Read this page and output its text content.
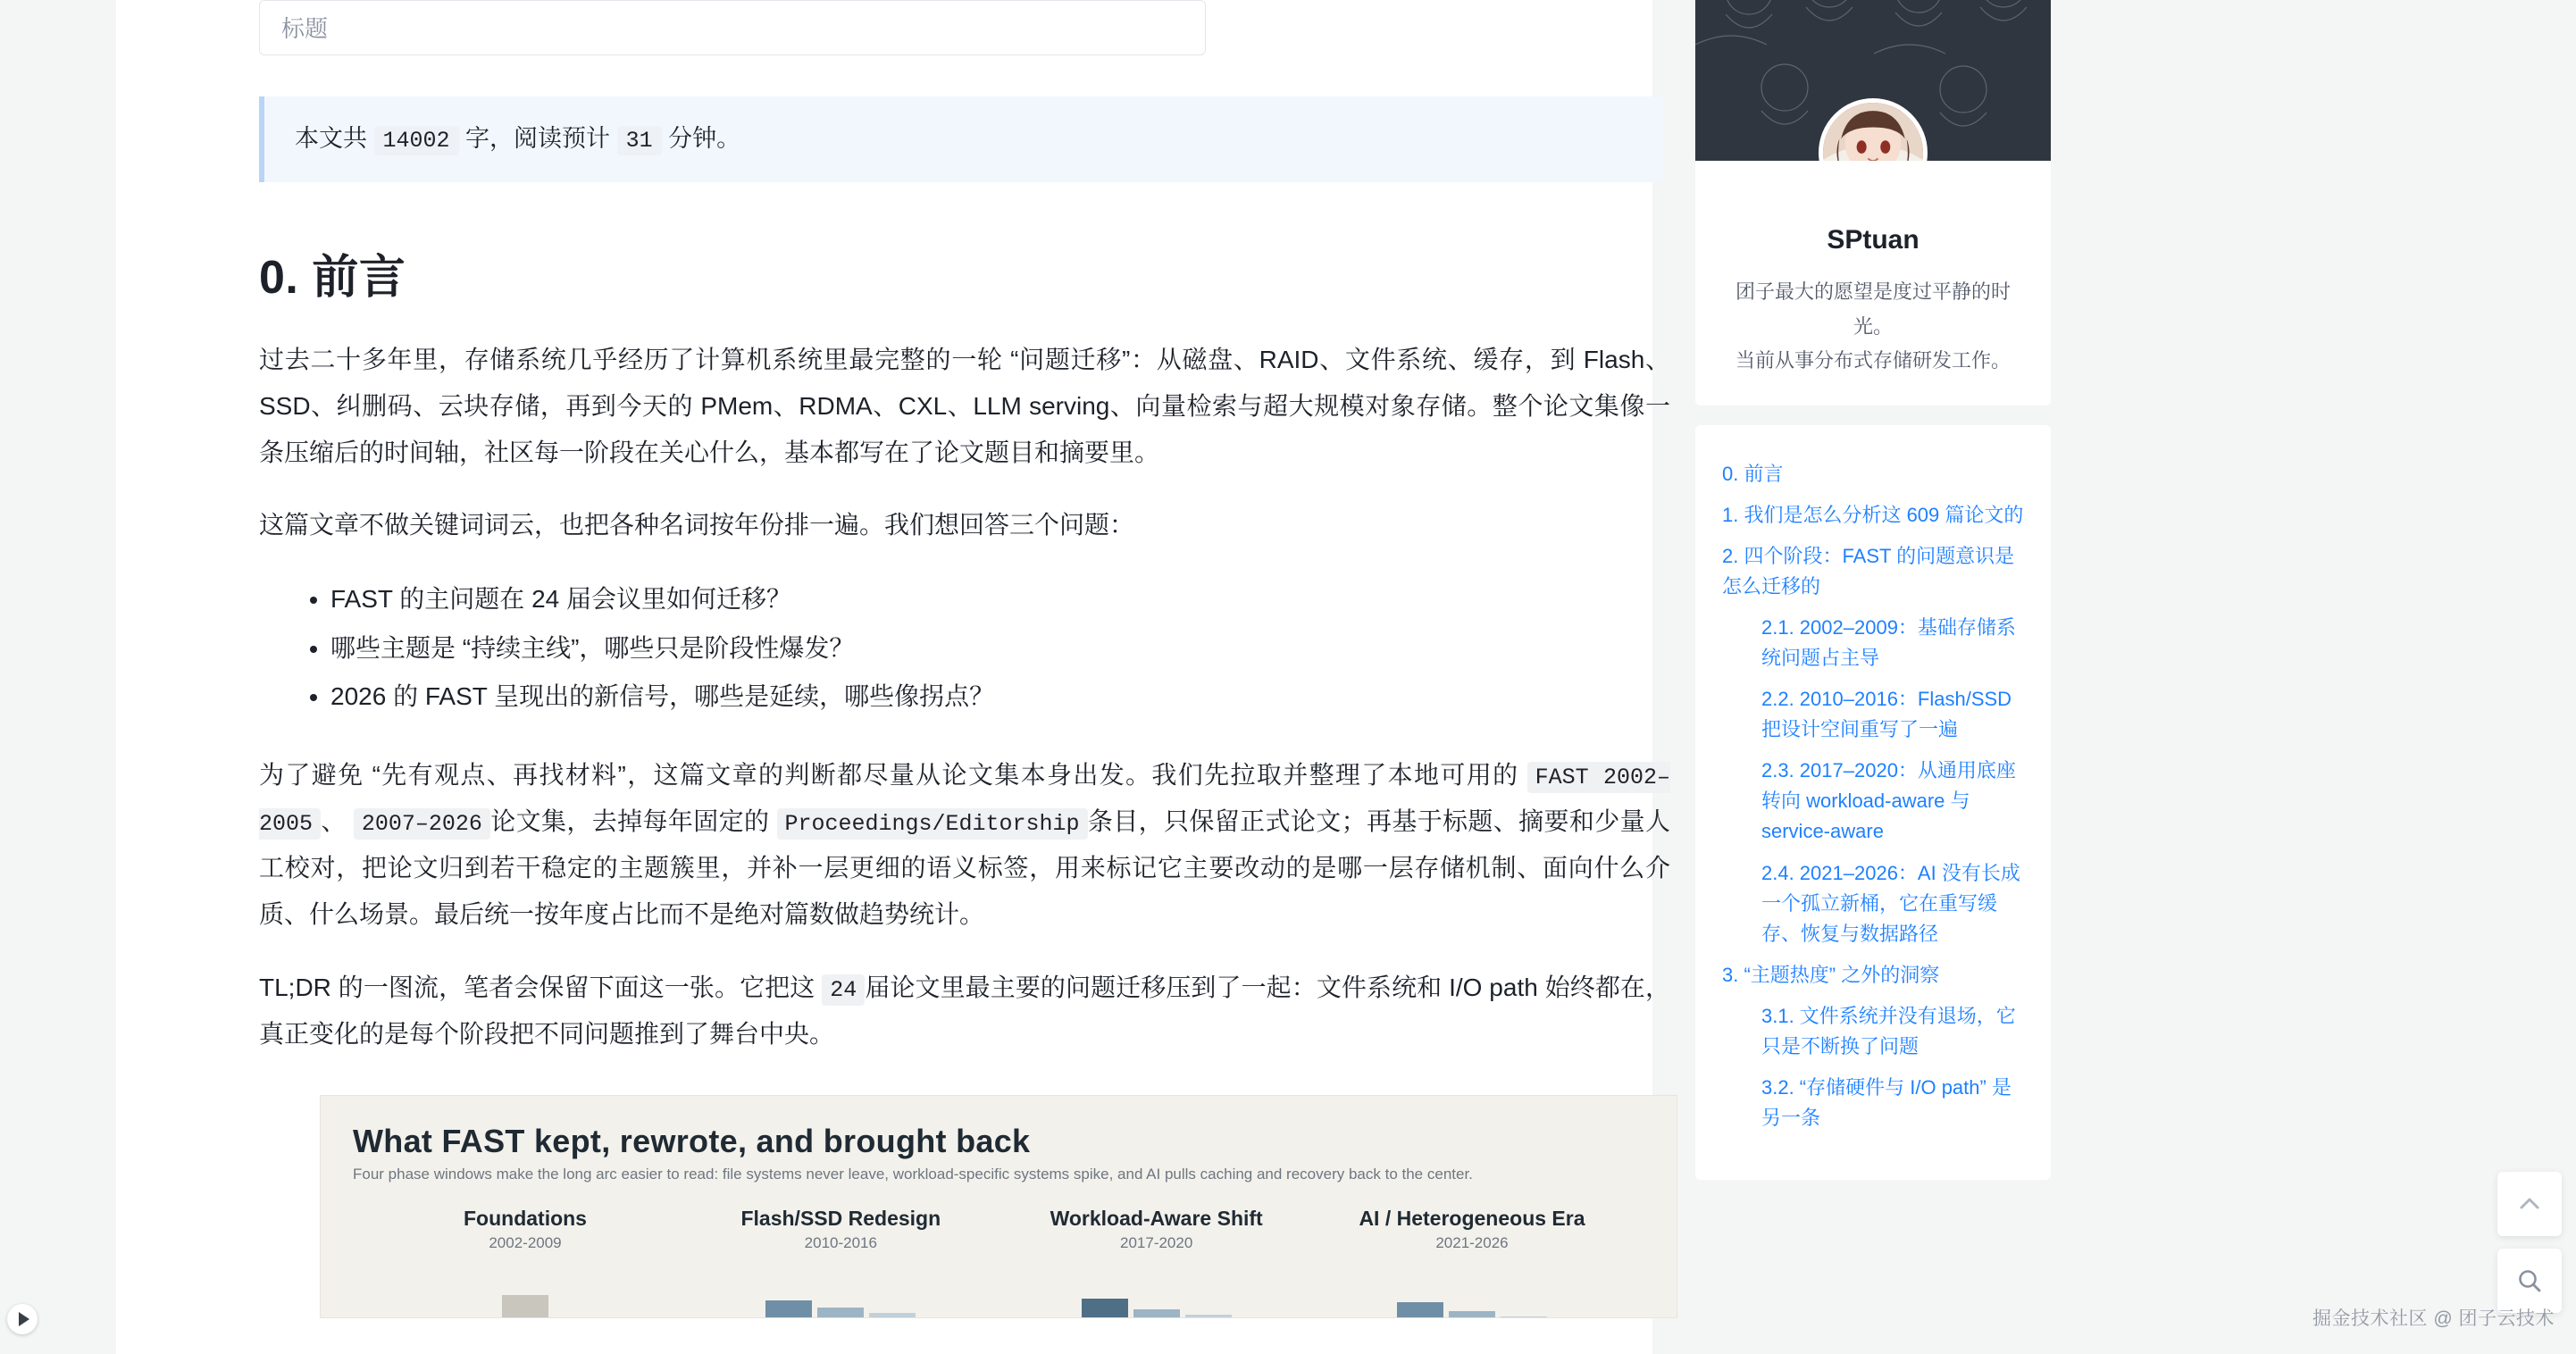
标题
本文共 14002 字，阅读预计 31 分钟。
0. 前言

过去二十多年里，存储系统几乎经历了计算机系统里最完整的一轮 “问题迁移”：从磁盘、RAID、文件系统、缓存，到 Flash、SSD、纠删码、云块存储，再到今天的 PMem、RDMA、CXL、LLM serving、向量检索与超大规模对象存储。整个论文集像一条压缩后的时间轴，社区每一阶段在关心什么，基本都写在了论文题目和摘要里。

这篇文章不做关键词词云，也把各种名词按年份排一遍。我们想回答三个问题：

• FAST 的主问题在 24 届会议里如何迁移？
• 哪些主题是 “持续主线”，哪些只是阶段性爆发？
• 2026 的 FAST 呈现出的新信号，哪些是延续，哪些像拐点？

为了避免 “先有观点、再找材料”，这篇文章的判断都尽量从论文集本身出发。我们先拉取并整理了本地可用的 FAST 2002–2005 、 2007–2026 论文集，去掉每年固定的 Proceedings/Editorship 条目，只保留正式论文；再基于标题、摘要和少量人工校对，把论文归到若干稳定的主题簇里，并补一层更细的语义标签，用来标记它主要改动的是哪一层存储机制、面向什么介质、什么场景。最后统一按年度占比而不是绝对篇数做趋势统计。

TL;DR 的一图流，笔者会保留下面这一张。它把这 24 届论文里最主要的问题迁移压到了一起：文件系统和 I/O path 始终都在，真正变化的是每个阶段把不同问题推到了舞台中央。

What FAST kept, rewrote, and brought back
Four phase windows make the long arc easier to read: file systems never leave, workload-specific systems spike, and AI pulls caching and recovery back to the center.
Foundations
2002-2009
Flash/SSD Redesign
2010-2016
Workload-Aware Shift
2017-2020
AI / Heterogeneous Era
2021-2026
SPtuan
团子最大的愿望是度过平静的时光。
当前从事分布式存储研发工作。
0. 前言
1. 我们是怎么分析这 609 篇论文的
2. 四个阶段：FAST 的问题意识是怎么迁移的
2.1. 2002–2009：基础存储系统问题占主导
2.2. 2010–2016：Flash/SSD 把设计空间重写了一遍
2.3. 2017–2020：从通用底座转向 workload-aware 与 service-aware
2.4. 2021–2026：AI 没有长成一个孤立新桶，它在重写缓存、恢复与数据路径
3. “主题热度” 之外的洞察
3.1. 文件系统并没有退场，它只是不断换了问题
3.2. “存储硬件与 I/O path” 是另一条
掘金技术社区 @ 团子云技术
